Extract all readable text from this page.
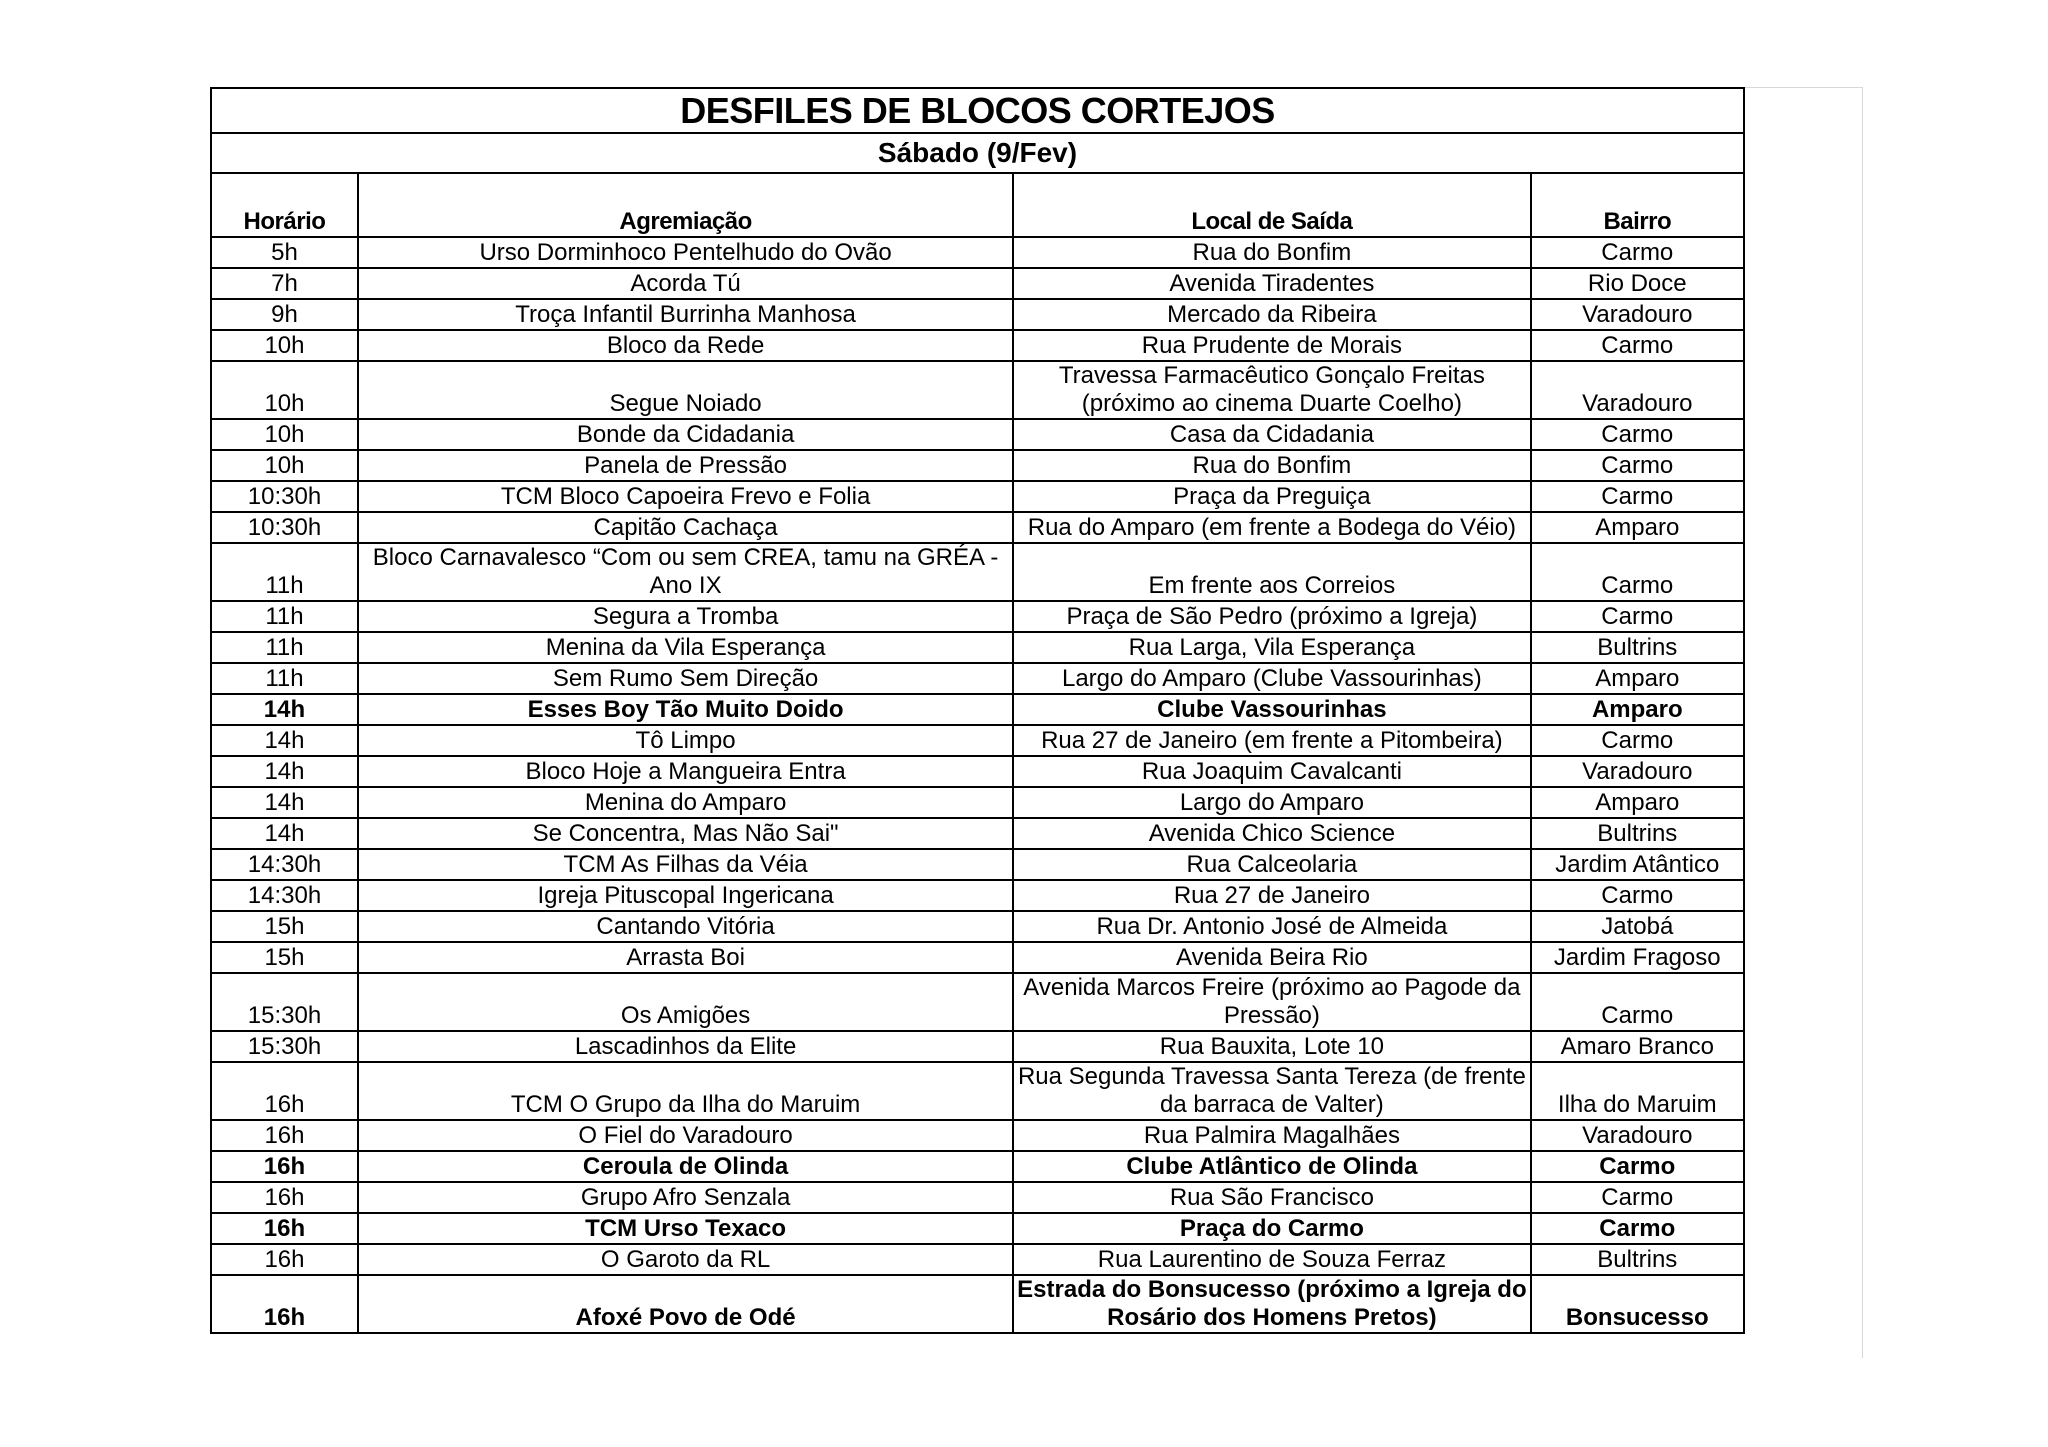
DESFILES DE BLOCOS CORTEJOS			
Sábado (9/Fev)			
Horário	Agremiação	Local de Saída	Bairro
5h	Urso Dorminhoco Pentelhudo do Ovão	Rua do Bonfim	Carmo
7h	Acorda Tú	Avenida Tiradentes	Rio Doce
9h	Troça Infantil Burrinha Manhosa	Mercado da Ribeira	Varadouro
10h	Bloco da Rede	Rua Prudente de Morais	Carmo
10h	Segue Noiado	Travessa Farmacêutico Gonçalo Freitas (próximo ao cinema Duarte Coelho)	Varadouro
10h	Bonde da Cidadania	Casa da Cidadania	Carmo
10h	Panela de Pressão	Rua do Bonfim	Carmo
10:30h	TCM Bloco Capoeira Frevo e Folia	Praça da Preguiça	Carmo
10:30h	Capitão Cachaça	Rua do Amparo (em frente a Bodega do Véio)	Amparo
11h	Bloco Carnavalesco “Com ou sem CREA, tamu na GRÉA - Ano IX	Em frente aos Correios	Carmo
11h	Segura a Tromba	Praça de São Pedro (próximo a Igreja)	Carmo
11h	Menina da Vila Esperança	Rua Larga, Vila Esperança	Bultrins
11h	Sem Rumo Sem Direção	Largo do Amparo (Clube Vassourinhas)	Amparo
14h	Esses Boy Tão Muito Doido	Clube Vassourinhas	Amparo
14h	Tô Limpo	Rua 27 de Janeiro (em frente a Pitombeira)	Carmo
14h	Bloco Hoje a Mangueira Entra	Rua Joaquim Cavalcanti	Varadouro
14h	Menina do Amparo	Largo do Amparo	Amparo
14h	Se Concentra, Mas Não Sai"	Avenida Chico Science	Bultrins
14:30h	TCM As Filhas da Véia	Rua Calceolaria	Jardim Atântico
14:30h	Igreja Pituscopal Ingericana	Rua 27 de Janeiro	Carmo
15h	Cantando Vitória	Rua Dr. Antonio José de Almeida	Jatobá
15h	Arrasta Boi	Avenida Beira Rio	Jardim Fragoso
15:30h	Os Amigões	Avenida Marcos Freire (próximo ao Pagode da Pressão)	Carmo
15:30h	Lascadinhos da Elite	Rua Bauxita, Lote 10	Amaro Branco
16h	TCM O Grupo da Ilha do Maruim	Rua Segunda Travessa Santa Tereza (de frente da barraca de Valter)	Ilha do Maruim
16h	O Fiel do Varadouro	Rua Palmira Magalhães	Varadouro
16h	Ceroula de Olinda	Clube Atlântico de Olinda	Carmo
16h	Grupo Afro Senzala	Rua São Francisco	Carmo
16h	TCM Urso Texaco	Praça do Carmo	Carmo
16h	O Garoto da RL	Rua Laurentino de Souza Ferraz	Bultrins
16h	Afoxé Povo de Odé	Estrada do Bonsucesso (próximo a Igreja do Rosário dos Homens Pretos)	Bonsucesso
